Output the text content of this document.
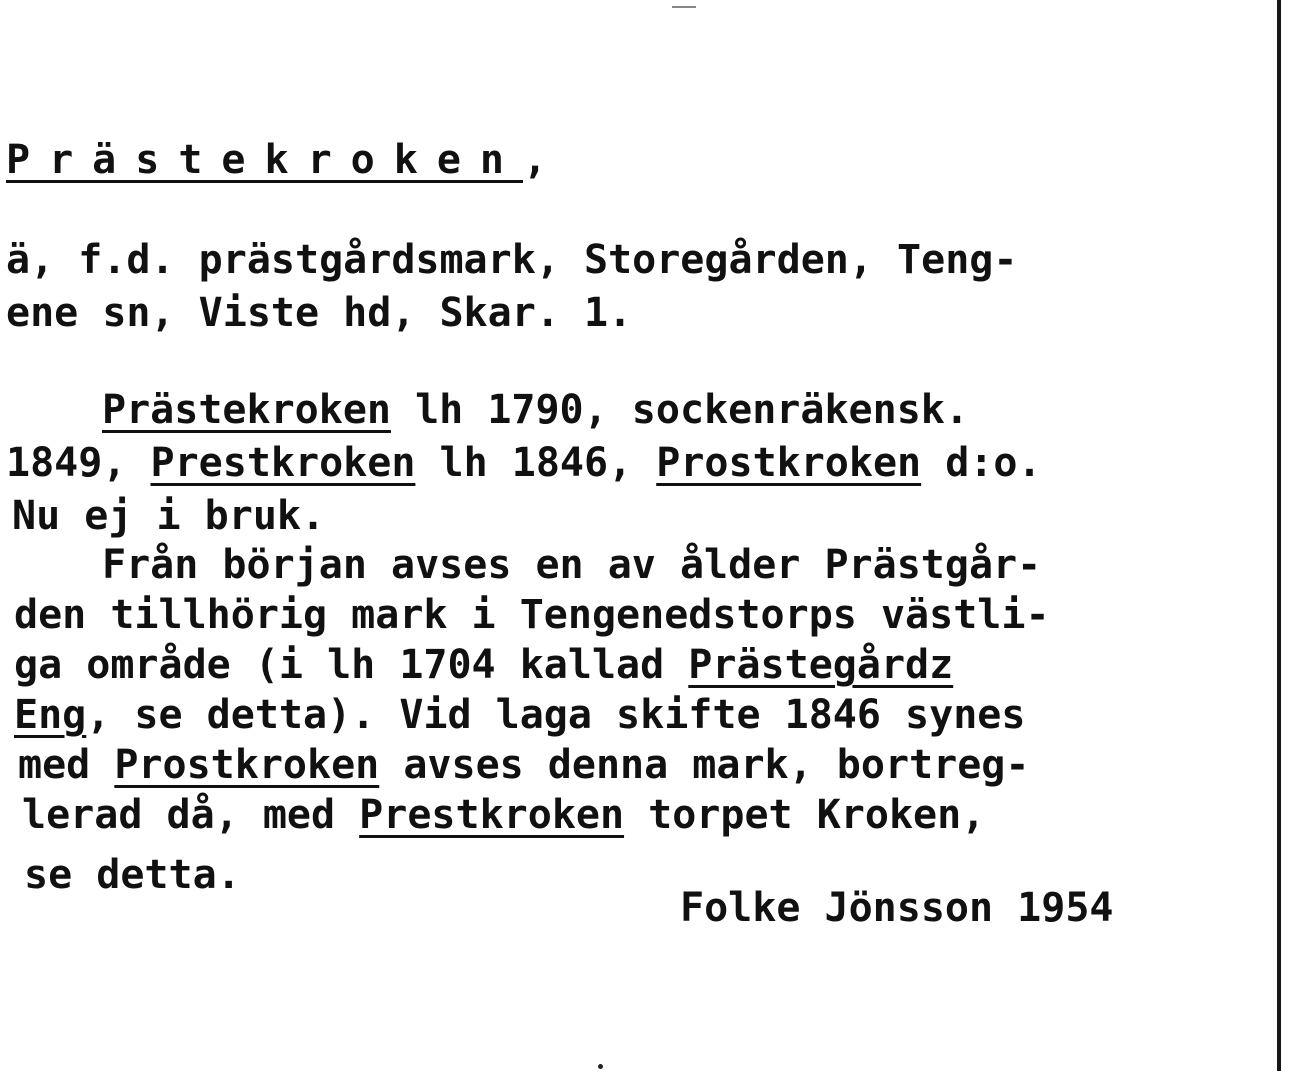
Prästekroken,
ä, f.d. prästgårdsmark, Storegården, Teng-
ene sn, Viste hd, Skar. 1.
Prästekroken lh 1790, sockenräkensk.
1849, Prestkroken lh 1846, Prostkroken d:o.
Nu ej i bruk.
Från början avses en av ålder Prästgår-
den tillhörig mark i Tengenedstorps västli-
ga område (i lh 1704 kallad Prästegårdz
Eng, se detta). Vid laga skifte 1846 synes
med Prostkroken avses denna mark, bortreg-
lerad då, med Prestkroken torpet Kroken,
se detta.
Folke Jönsson 1954
